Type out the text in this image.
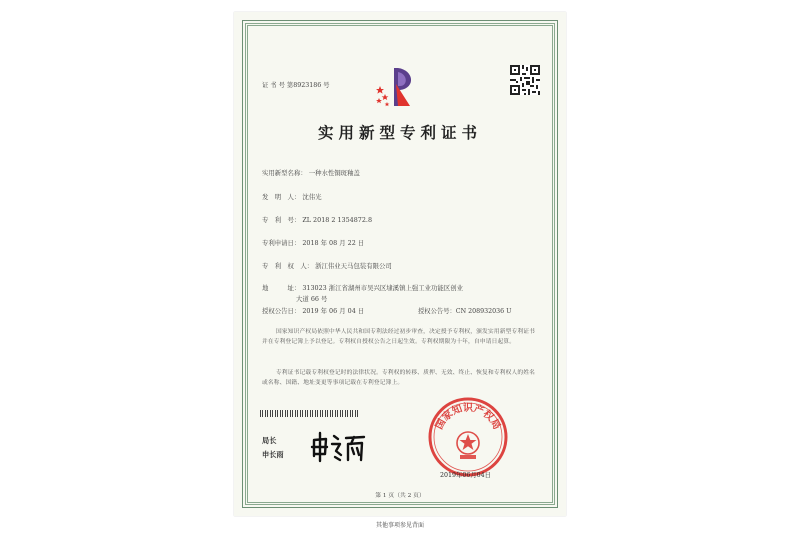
证 书 号 第8923186 号
实用新型专利证书
实用新型名称： 一种水性铜斑釉盖
发　明　人： 沈伟光
专　利　号： ZL 2018 2 1354872.8
专利申请日： 2018 年 08 月 22 日
专　利　权　人： 浙江伟业天马包装有限公司
地　　　址： 313023 浙江省湖州市吴兴区埭溪镇上强工业功能区创业
大道 66 号
授权公告日： 2019 年 06 月 04 日	授权公告号：CN 208932036 U
国家知识产权局依照中华人民共和国专利法经过初步审查，决定授予专利权，颁发实用新型专利证书并在专利登记簿上予以登记。专利权自授权公告之日起生效。专利权期限为十年，自申请日起算。
专利证书记载专利权登记时的法律状况。专利权的转移、质押、无效、终止、恢复和专利权人的姓名或名称、国籍、地址变更等事项记载在专利登记簿上。
局长
申长雨
国家知识产权局
2019年06月04日
第 1 页（共 2 页）
其他事项参见背面
